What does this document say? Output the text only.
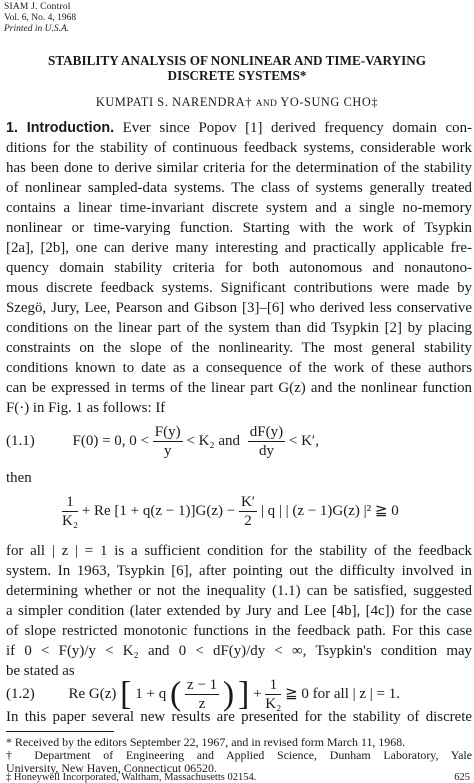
SIAM J. Control
Vol. 6, No. 4, 1968
Printed in U.S.A.
STABILITY ANALYSIS OF NONLINEAR AND TIME-VARYING
DISCRETE SYSTEMS*
KUMPATI S. NARENDRA† AND YO-SUNG CHO‡
1. Introduction. Ever since Popov [1] derived frequency domain con-
ditions for the stability of continuous feedback systems, considerable work
has been done to derive similar criteria for the determination of the stability
of nonlinear sampled-data systems. The class of systems generally treated
contains a linear time-invariant discrete system and a single no-memory
nonlinear or time-varying function. Starting with the work of Tsypkin
[2a], [2b], one can derive many interesting and practically applicable fre-
quency domain stability criteria for both autonomous and nonautono-
mous discrete feedback systems. Significant contributions were made by
Szegö, Jury, Lee, Pearson and Gibson [3]–[6] who derived less conservative
conditions on the linear part of the system than did Tsypkin [2] by placing
constraints on the slope of the nonlinearity. The most general stability
conditions known to date as a consequence of the work of these authors
can be expressed in terms of the linear part G(z) and the nonlinear function
F(·) in Fig. 1 as follows: If
(1.1)	F(0) = 0, $0 < \frac{F(y)}{y} < K_2$ and $\frac{dF(y)}{dy} < K'$,
then
$\frac{1}{\text{K₂}} + Re$ $[1 + q(z - 1)]G(z) - \frac{K'}{2}$ | q | | (z − 1)G(z) |² ≧ 0
for all | z | = 1 is a sufficient condition for the stability of the feedback
system. In 1963, Tsypkin [6], after pointing out the difficulty involved in
determining whether or not the inequality (1.1) can be satisfied, suggested
a simpler condition (later extended by Jury and Lee [4b], [4c]) for the case
of slope restricted monotonic functions in the feedback path. For this case
if 0 < F(y)/y < K₂ and 0 < dF(y)/dy < ∞, Tsypkin's condition may
be stated as
(1.2) Re G(z) [ 1 + q ( $\frac{z - 1}{z}$ ) ] + $\frac{1}{\text{K₂}}$ ≧ 0 for all | z | = 1.
In this paper several new results are presented for the stability of discrete
* Received by the editors September 22, 1967, and in revised form March 11, 1968.
† Department of Engineering and Applied Science, Dunham Laboratory, Yale
University, New Haven, Connecticut 06520.
‡ Honeywell Incorporated, Waltham, Massachusetts 02154.	625
